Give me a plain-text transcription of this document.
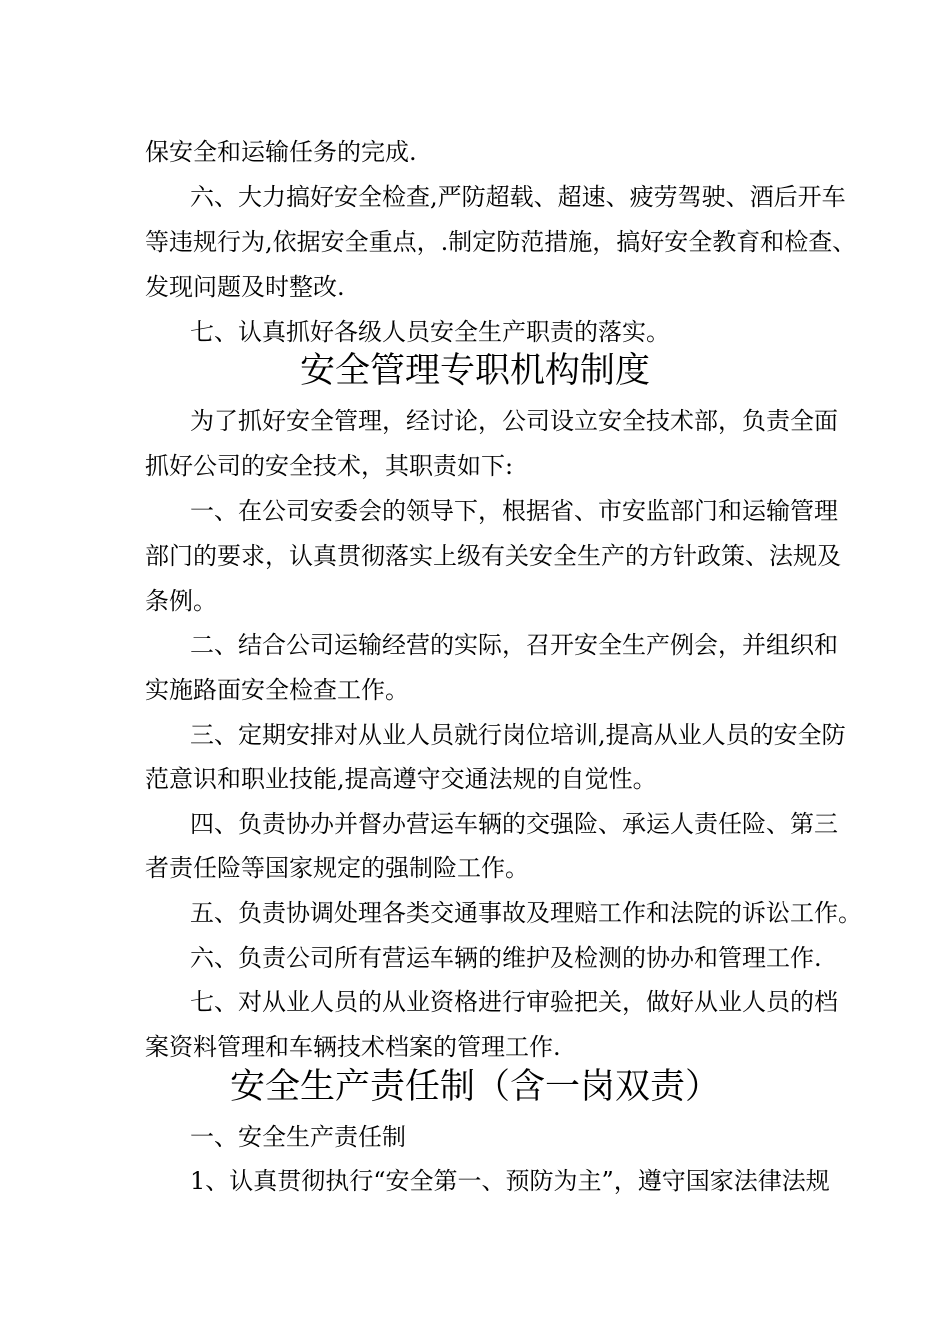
保安全和运输任务的完成.
六、大力搞好安全检查,严防超载、超速、疲劳驾驶、酒后开车
等违规行为,依据安全重点，.制定防范措施，搞好安全教育和检查、
发现问题及时整改.
七、认真抓好各级人员安全生产职责的落实。
安全管理专职机构制度
为了抓好安全管理，经讨论，公司设立安全技术部，负责全面
抓好公司的安全技术，其职责如下:
一、在公司安委会的领导下，根据省、市安监部门和运输管理
部门的要求，认真贯彻落实上级有关安全生产的方针政策、法规及
条例。
二、结合公司运输经营的实际，召开安全生产例会，并组织和
实施路面安全检查工作。
三、定期安排对从业人员就行岗位培训,提高从业人员的安全防
范意识和职业技能,提高遵守交通法规的自觉性。
四、负责协办并督办营运车辆的交强险、承运人责任险、第三
者责任险等国家规定的强制险工作。
五、负责协调处理各类交通事故及理赔工作和法院的诉讼工作。
六、负责公司所有营运车辆的维护及检测的协办和管理工作.
七、对从业人员的从业资格进行审验把关，做好从业人员的档
案资料管理和车辆技术档案的管理工作.
安全生产责任制（含一岗双责）
一、安全生产责任制
1、认真贯彻执行“安全第一、预防为主”，遵守国家法律法规
